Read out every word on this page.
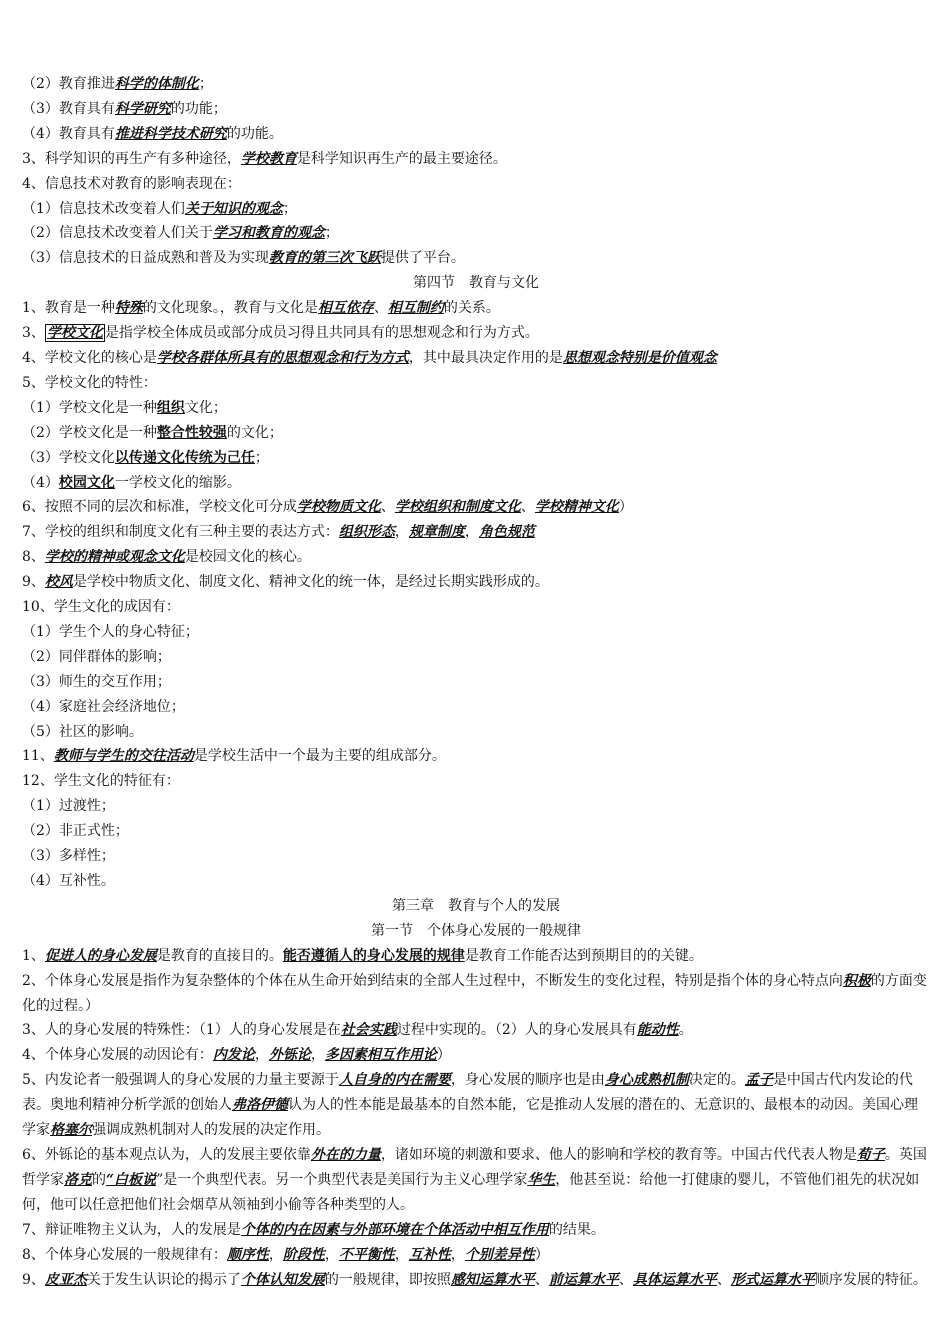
（2）教育推进科学的体制化；
（3）教育具有科学研究的功能；
（4）教育具有推进科学技术研究的功能。
3、科学知识的再生产有多种途径，学校教育是科学知识再生产的最主要途径。
4、信息技术对教育的影响表现在：
（1）信息技术改变着人们关于知识的观念；
（2）信息技术改变着人们关于学习和教育的观念；
（3）信息技术的日益成熟和普及为实现教育的第三次飞跃提供了平台。
第四节　教育与文化
1、教育是一种特殊的文化现象。，教育与文化是相互依存、相互制约的关系。
3、 学校文化 是指学校全体成员或部分成员习得且共同具有的思想观念和行为方式。
4、学校文化的核心是学校各群体所具有的思想观念和行为方式，其中最具决定作用的是思想观念特别是价值观念
5、学校文化的特性：
（1）学校文化是一种组织文化；
（2）学校文化是一种整合性较强的文化；
（3）学校文化以传递文化传统为己任；
（4）校园文化一学校文化的缩影。
6、按照不同的层次和标准，学校文化可分成学校物质文化、学校组织和制度文化、学校精神文化）
7、学校的组织和制度文化有三种主要的表达方式：组织形态，规章制度，角色规范
8、学校的精神或观念文化是校园文化的核心。
9、校风是学校中物质文化、制度文化、精神文化的统一体，是经过长期实践形成的。
10、学生文化的成因有：
（1）学生个人的身心特征；
（2）同伴群体的影响；
（3）师生的交互作用；
（4）家庭社会经济地位；
（5）社区的影响。
11、教师与学生的交往活动是学校生活中一个最为主要的组成部分。
12、学生文化的特征有：
（1）过渡性；
（2）非正式性；
（3）多样性；
（4）互补性。
第三章　教育与个人的发展
第一节　个体身心发展的一般规律
1、促进人的身心发展是教育的直接目的。能否遵循人的身心发展的规律是教育工作能否达到预期目的的关键。
2、个体身心发展是指作为复杂整体的个体在从生命开始到结束的全部人生过程中，不断发生的变化过程，特别是指个体的身心特点向积极的方面变化的过程。）
3、人的身心发展的特殊性：（1）人的身心发展是在社会实践过程中实现的。（2）人的身心发展具有能动性。
4、个体身心发展的动因论有：内发论，外铄论，多因素相互作用论）
5、内发论者一般强调人的身心发展的力量主要源于人自身的内在需要，身心发展的顺序也是由身心成熟机制决定的。孟子是中国古代内发论的代表。奥地利精神分析学派的创始人弗洛伊德认为人的性本能是最基本的自然本能，它是推动人发展的潜在的、无意识的、最根本的动因。美国心理学家格塞尔强调成熟机制对人的发展的决定作用。
6、外铄论的基本观点认为，人的发展主要依靠外在的力量，诸如环境的刺激和要求、他人的影响和学校的教育等。中国古代代表人物是荀子。英国哲学家洛克的“白板说”是一个典型代表。另一个典型代表是美国行为主义心理学家华生，他甚至说：给他一打健康的婴儿，不管他们祖先的状况如何，他可以任意把他们社会烟草从领袖到小偷等各种类型的人。
7、辩证唯物主义认为，人的发展是个体的内在因素与外部环境在个体活动中相互作用的结果。
8、个体身心发展的一般规律有：顺序性，阶段性，不平衡性，互补性，个别差异性）
9、皮亚杰关于发生认识论的揭示了个体认知发展的一般规律，即按照感知运算水平、前运算水平、具体运算水平、形式运算水平顺序发展的特征。
